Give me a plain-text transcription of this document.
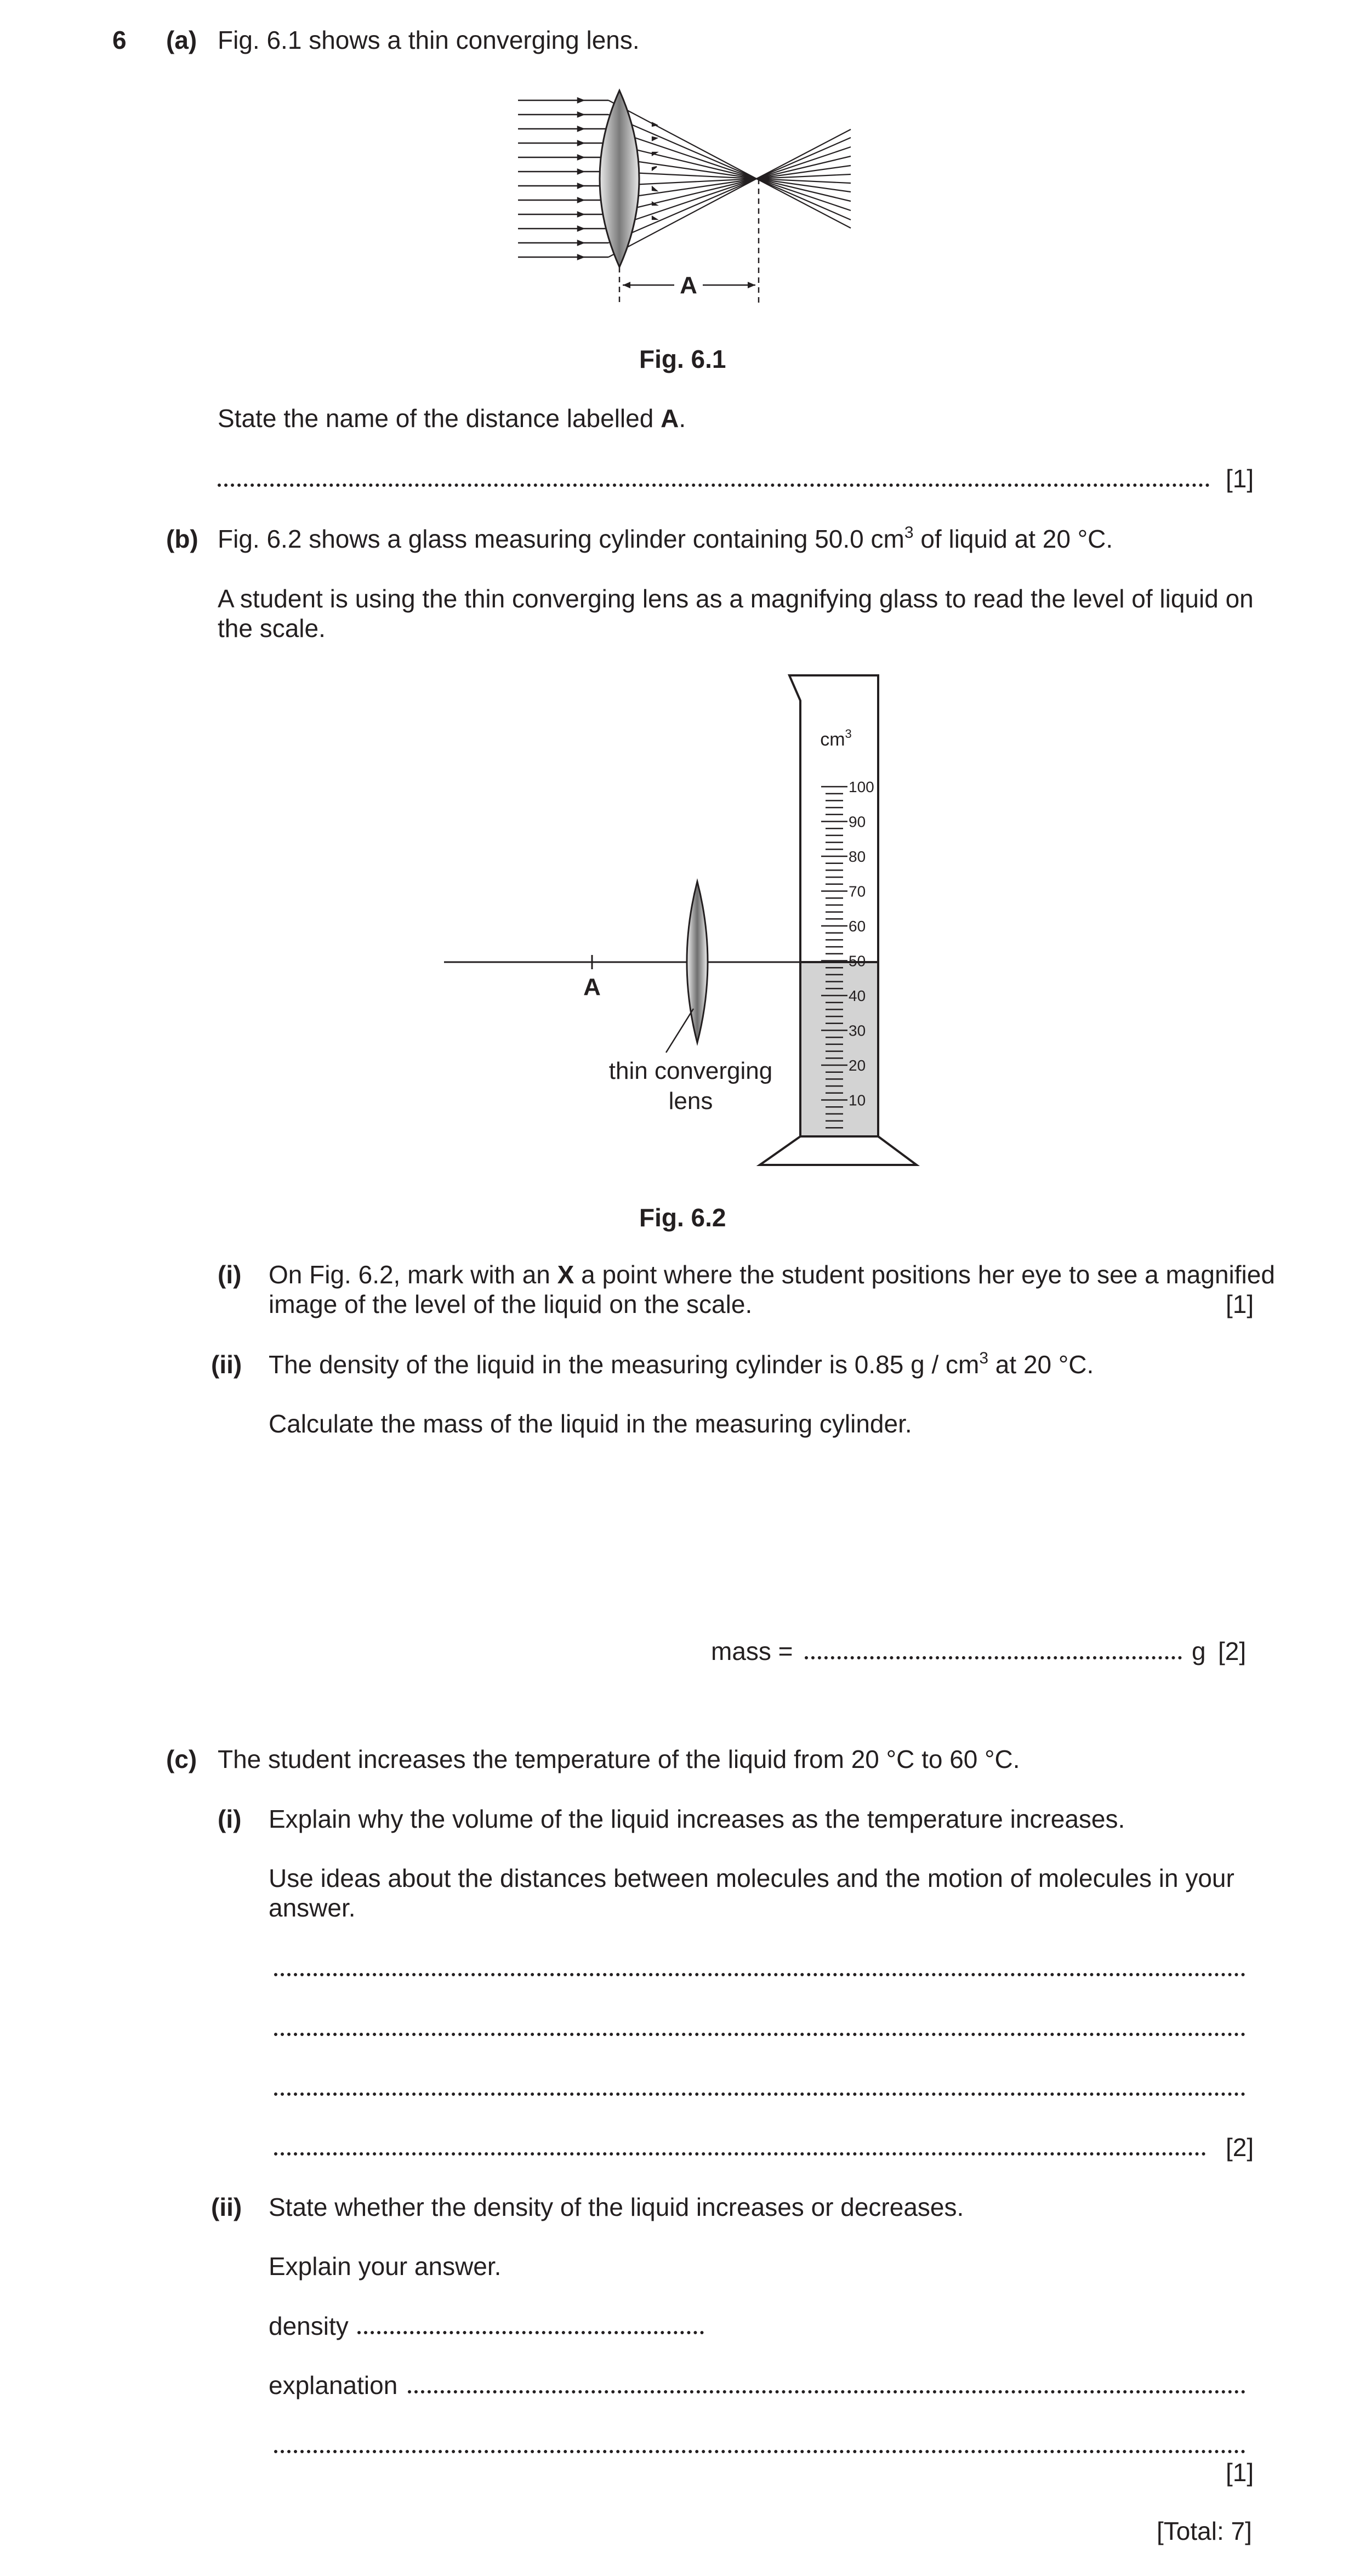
6 (a) Fig. 6.1 shows a thin converging lens.
A
Fig. 6.1
State the name of the distance labelled A.
[1]
(b) Fig. 6.2 shows a glass measuring cylinder containing 50.0 $cm^3$ of liquid at 20 °C.
A student is using the thin converging lens as a magnifying glass to read the level of liquid on
the scale.
100
90
80
70
60
50
40
30
20
10
$cm^3$
A
thin converging
lens
Fig. 6.2
(i) On Fig. 6.2, mark with an X a point where the student positions her eye to see a magnified
image of the level of the liquid on the scale.	[1]
(ii) The density of the liquid in the measuring cylinder is 0.85 g / $cm^3$ at 20 °C.
Calculate the mass of the liquid in the measuring cylinder.
mass =	g [2]
(c) The student increases the temperature of the liquid from 20 °C to 60 °C.
(i) Explain why the volume of the liquid increases as the temperature increases.
Use ideas about the distances between molecules and the motion of molecules in your
answer.
[2]
(ii) State whether the density of the liquid increases or decreases.
Explain your answer.
density
explanation
[1]
[Total: 7]
